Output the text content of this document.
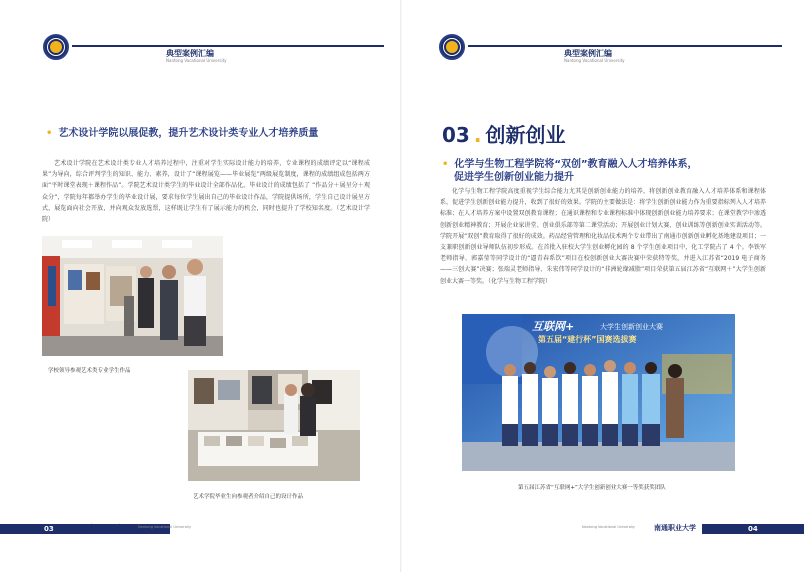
典型案例汇编
Nantong Vocational University
• 艺术设计学院以展促教，提升艺术设计类专业人才培养质量
艺术设计学院在艺术设计类专业人才培养过程中，注重对学生实际设计能力的培养，专业课程的成绩评定以“课程成果”为导向，综合评判学生的知识、能力、素养，设计了“课程展览——毕业展览”两级展览制度，课程的成绩组成包括两方面“平时课堂表现＋课程作品”。学院艺术设计类学生的毕业设计全部作品化，毕业设计的成绩包括了 “作品分＋展呈分＋观众分”，学院每年都举办学生的毕业设计展，要求每位学生展出自己的毕业设计作品，学院提供场所，学生自己设计展呈方式，展览面向社会开放，并向观众发放选票，这样既让学生有了展示能力的机会，同时也提升了学校知名度。（艺术设计学院）
学校领导参观艺术类专业学生作品
艺术学院毕业生向参观者介绍自己的设计作品
03	南通职业大学 Nantong Vocational University
典型案例汇编
Nantong Vocational University
03 . 创新创业
• 化学与生物工程学院将“双创”教育融入人才培养体系，
促进学生创新创业能力提升
化学与生物工程学院高度重视学生综合能力尤其是创新创业能力的培养，将创新创业教育融入人才培养体系和课程体系，促进学生创新创业能力提升，收到了很好的效果。学院的主要做法是：将学生创新创业能力作为重要指标列入人才培养标准；在人才培养方案中设置双创教育课程；在通识课程和专业课程标准中体现创新创业能力培养要求；在课堂教学中渗透创新创业精神教育；开展企业家讲堂、创业俱乐部等第二课堂活动；开展创业计划大赛、创业训练等创新创业实训活动等。学院开展“双创”教育取得了很好的成效。药品经营管理和化妆品技术两个专业带出了南通市创新创业孵化基地建设项目；一支兼职创新创业导师队伍初步形成。在首批入驻校大学生创业孵化园的 8 个学生创业项目中，化工学院占了 4 个。李铁军老师指导、郭嘉莹等同学设计的“逼青春系饮”项目在校创新创业大赛决赛中荣获特等奖，并进入江苏省“2019 电子商务——三创大赛”决赛；张瑞灵老师指导、朱宏伟等同学设计的“非洲轮缘减脂”项目荣获第五届江苏省“互联网＋”大学生创新创业大赛一等奖。（化学与生物工程学院）
互联网+	大学生创新创业大赛
第五届“建行杯”国赛选拔赛
第五届江苏省“互联网+”大学生创新创业大赛一等奖获奖团队
Nantong Vocational University	南通职业大学	04
